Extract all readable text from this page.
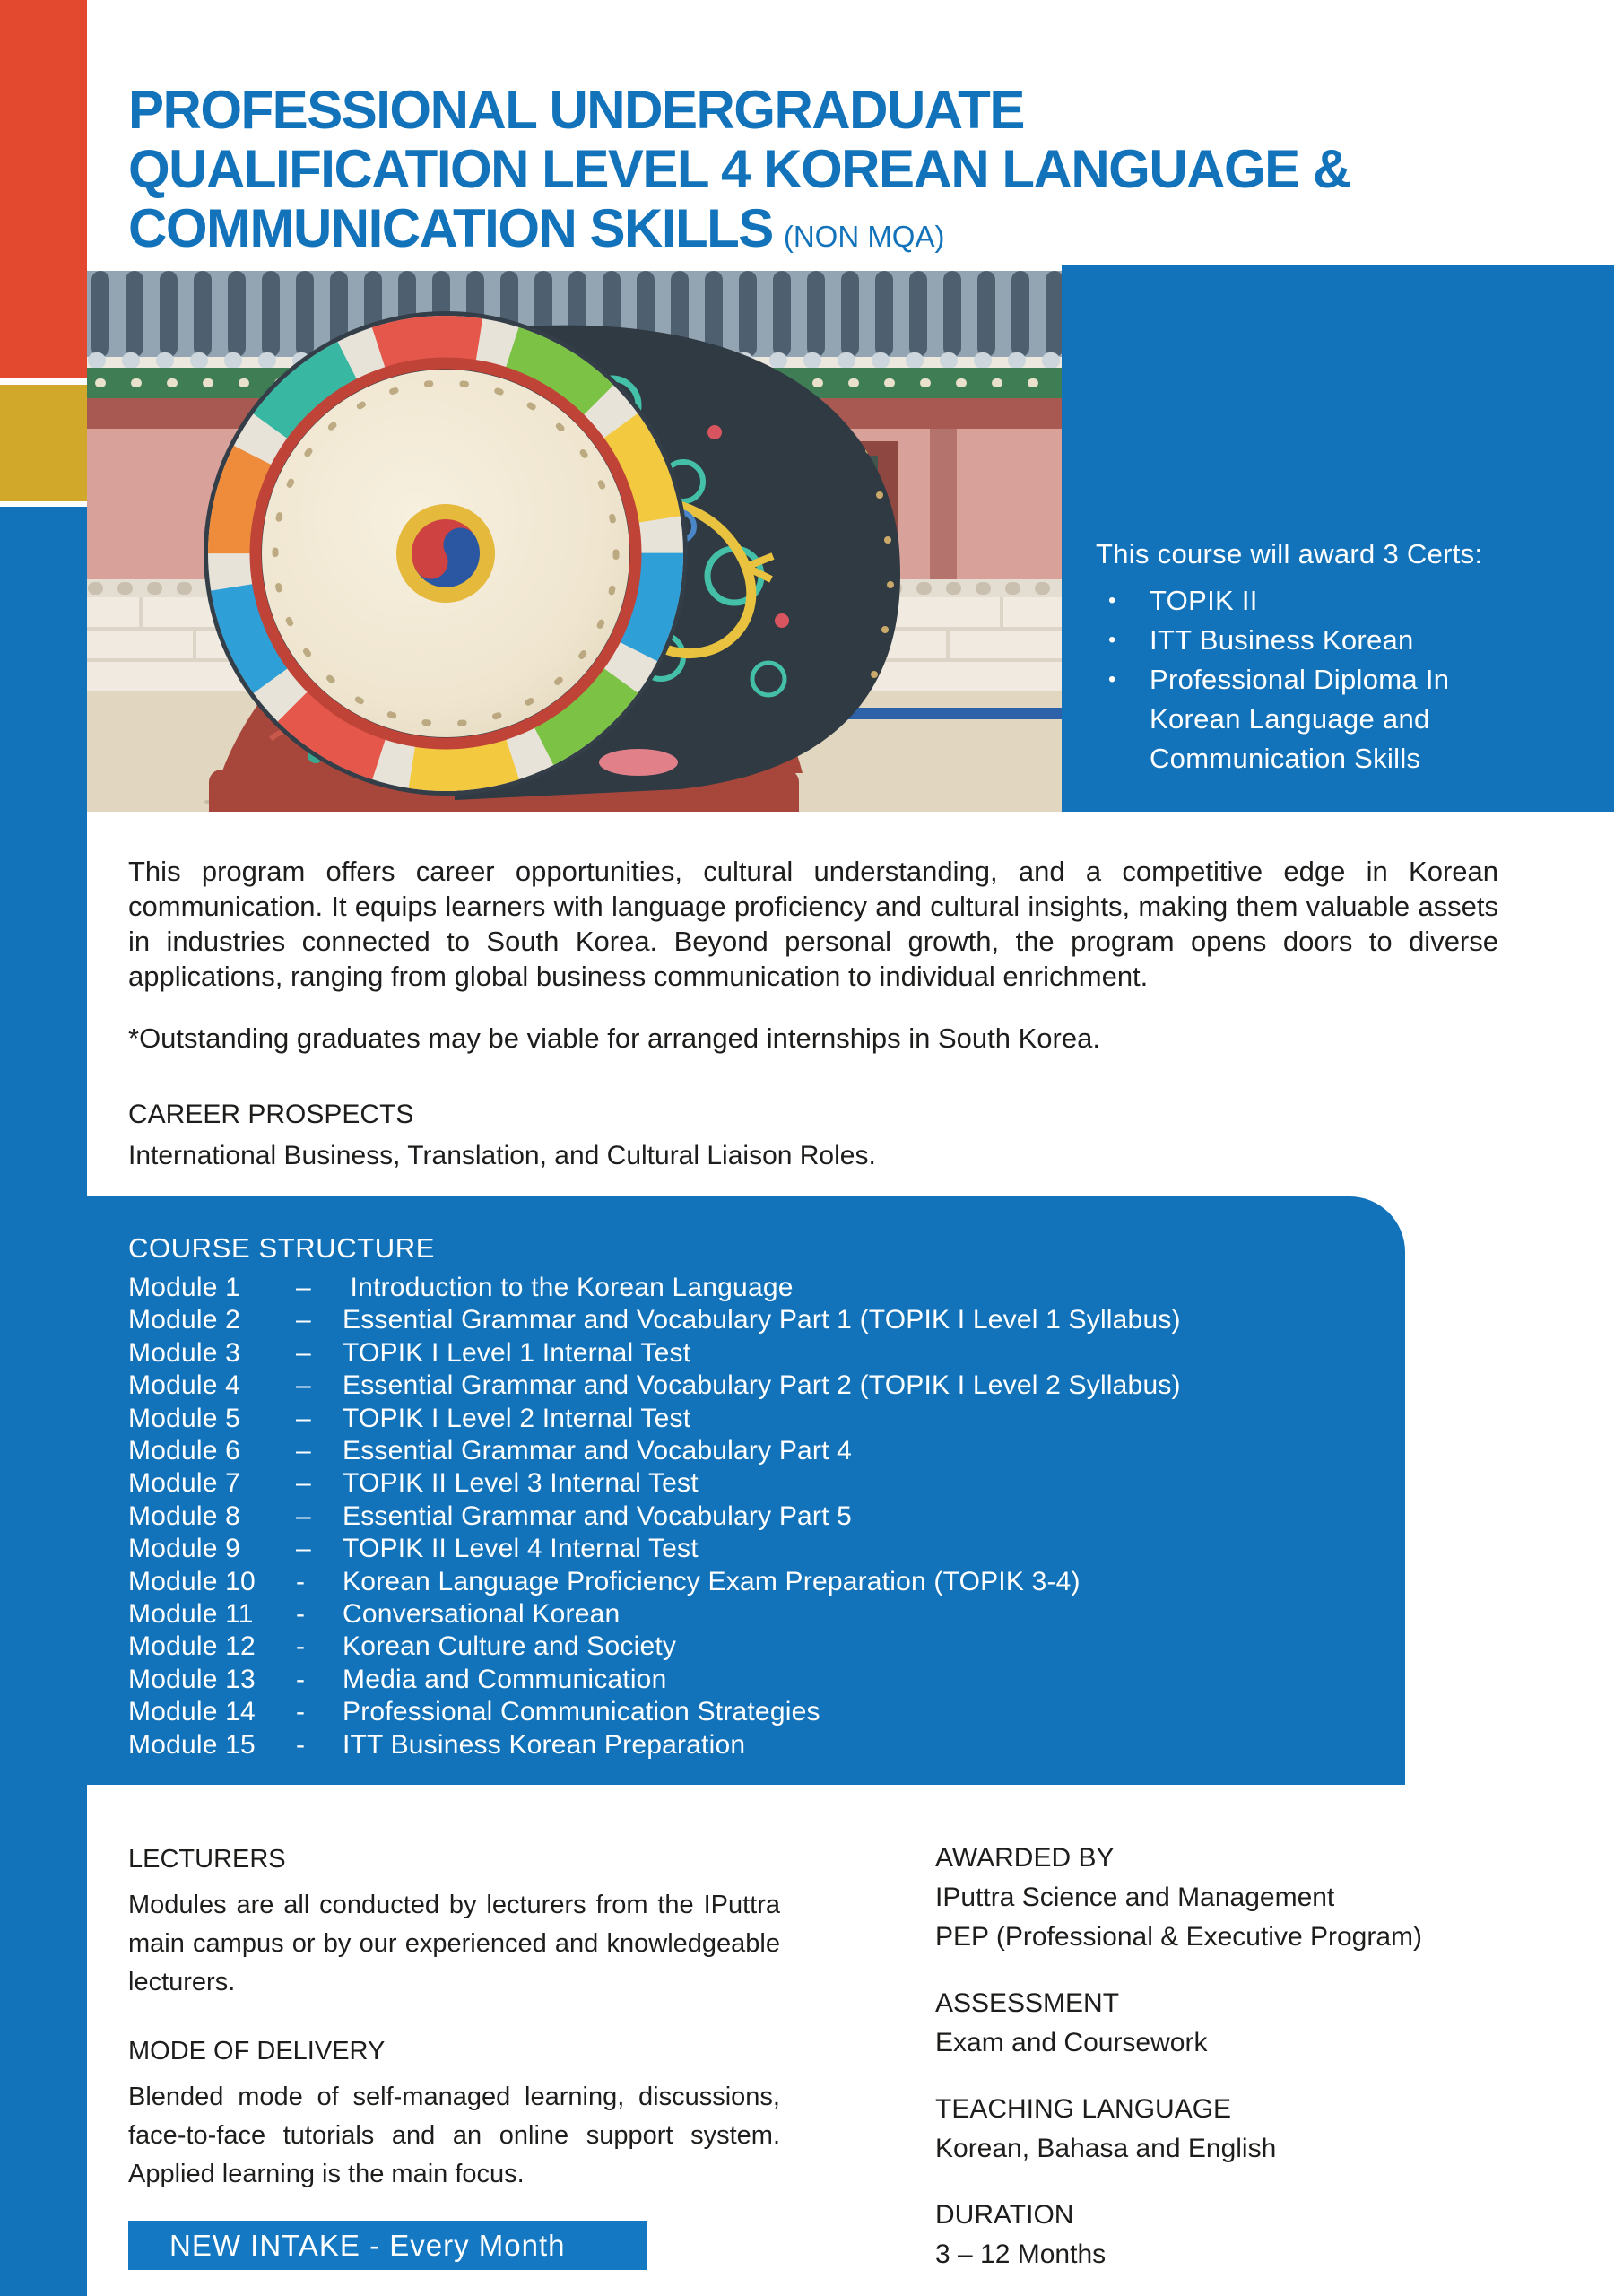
PROFESSIONAL UNDERGRADUATE
QUALIFICATION LEVEL 4 KOREAN LANGUAGE &
COMMUNICATION SKILLS (NON MQA)
This course will award 3 Certs:
•	TOPIK II
•	ITT Business Korean
•	Professional Diploma In Korean Language and Communication Skills

This program offers career opportunities, cultural understanding, and a competitive edge in Korean communication. It equips learners with language proficiency and cultural insights, making them valuable assets in industries connected to South Korea. Beyond personal growth, the program opens doors to diverse applications, ranging from global business communication to individual enrichment.

*Outstanding graduates may be viable for arranged internships in South Korea.

CAREER PROSPECTS

International Business, Translation, and Cultural Liaison Roles.

COURSE STRUCTURE
Module 1	–	Introduction to the Korean Language
Module 2	–	Essential Grammar and Vocabulary Part 1 (TOPIK I Level 1 Syllabus)
Module 3	–	TOPIK I Level 1 Internal Test
Module 4	–	Essential Grammar and Vocabulary Part 2 (TOPIK I Level 2 Syllabus)
Module 5	–	TOPIK I Level 2 Internal Test
Module 6	–	Essential Grammar and Vocabulary Part 4
Module 7	–	TOPIK II Level 3 Internal Test
Module 8	–	Essential Grammar and Vocabulary Part 5
Module 9	–	TOPIK II Level 4 Internal Test
Module 10	-	Korean Language Proficiency Exam Preparation (TOPIK 3-4)
Module 11	-	Conversational Korean
Module 12	-	Korean Culture and Society
Module 13	-	Media and Communication
Module 14	-	Professional Communication Strategies
Module 15	-	ITT Business Korean Preparation

LECTURERS

Modules are all conducted by lecturers from the IPuttra main campus or by our experienced and knowledgeable lecturers.

MODE OF DELIVERY

Blended mode of self-managed learning, discussions, face-to-face tutorials and an online support system. Applied learning is the main focus.

NEW INTAKE - Every Month

AWARDED BY

IPuttra Science and Management

PEP (Professional & Executive Program)

ASSESSMENT

Exam and Coursework

TEACHING LANGUAGE

Korean, Bahasa and English

DURATION

3 – 12 Months
